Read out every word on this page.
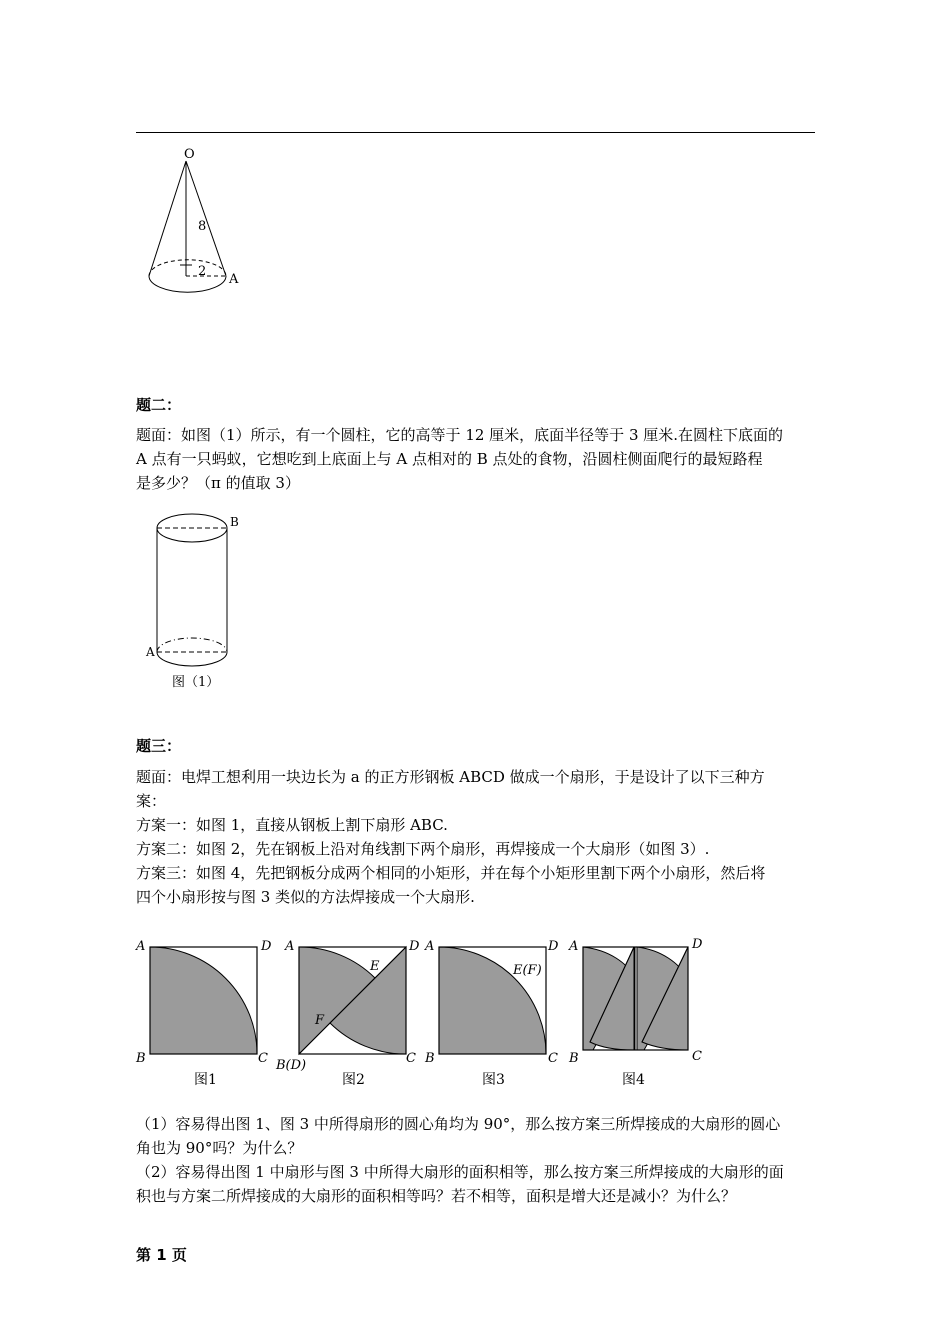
O
8
2
A
题二：

题面：如图（1）所示，有一个圆柱，它的高等于 12 厘米，底面半径等于 3 厘米.在圆柱下底面的

A 点有一只蚂蚁，它想吃到上底面上与 A 点相对的 B 点处的食物，沿圆柱侧面爬行的最短路程

是多少？（π 的值取 3）

B
A
图（1）
题三：

题面：电焊工想利用一块边长为 a 的正方形钢板 ABCD 做成一个扇形，于是设计了以下三种方

案：

方案一：如图 1，直接从钢板上割下扇形 ABC.

方案二：如图 2，先在钢板上沿对角线割下两个扇形，再焊接成一个大扇形（如图 3）.

方案三：如图 4，先把钢板分成两个相同的小矩形，并在每个小矩形里割下两个小扇形，然后将

四个小扇形按与图 3 类似的方法焊接成一个大扇形.

A	D
B	C
图1
A	D
B(D)	C
E
F
图2
A	D
B	C
E(F)
图3
A	D
B	C
图4

（1）容易得出图 1、图 3 中所得扇形的圆心角均为 90°，那么按方案三所焊接成的大扇形的圆心

角也为 90°吗？为什么？

（2）容易得出图 1 中扇形与图 3 中所得大扇形的面积相等，那么按方案三所焊接成的大扇形的面

积也与方案二所焊接成的大扇形的面积相等吗？若不相等，面积是增大还是减小？为什么？

第 1 页
